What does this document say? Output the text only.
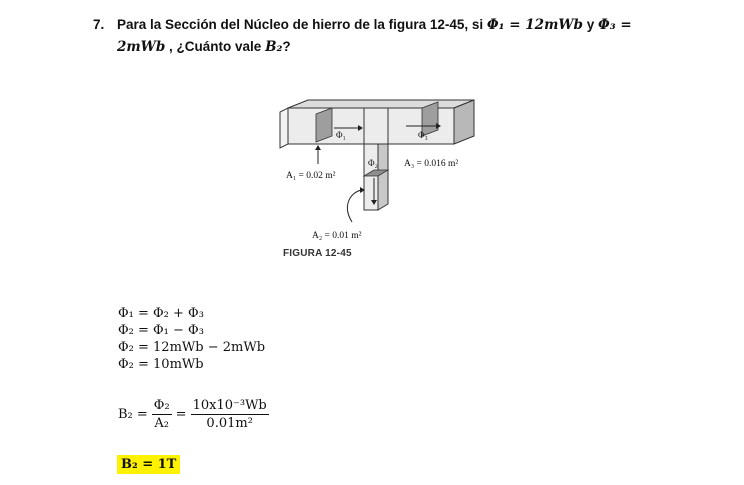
7. Para la Sección del Núcleo de hierro de la figura 12-45, si Φ₁ = 12mWb y Φ₃ =
2mWb , ¿Cuánto vale B₂?
Φ₁	Φ₃
Φ₂
A₁ = 0.02 m²
A₃ = 0.016 m²
A₂ = 0.01 m²
FIGURA 12-45
Φ₁ = Φ₂ + Φ₃
Φ₂ = Φ₁ − Φ₃
Φ₂ = 12mWb − 2mWb
Φ₂ = 10mWb
$B_2 = \frac{\text{Φ₂}}{\text{A₂}} = \frac{\text{10x10⁻³Wb}}{\text{0.01m²}}$
B₂ = 1T
